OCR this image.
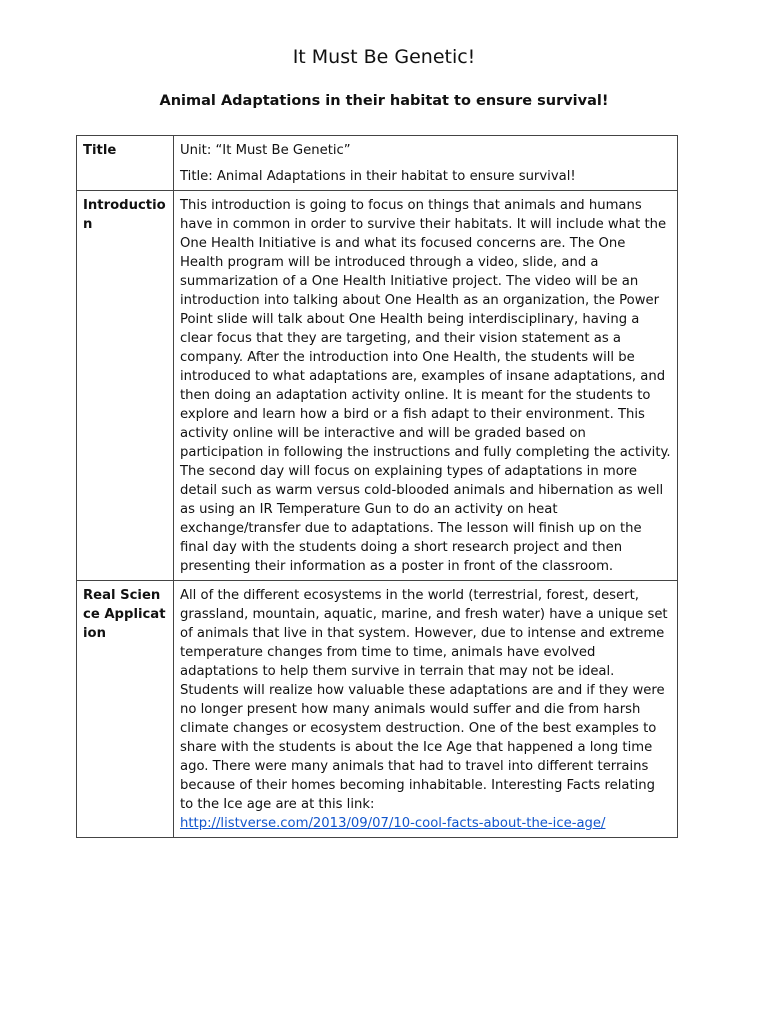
It Must Be Genetic!
Animal Adaptations in their habitat to ensure survival!
Title	Unit: “It Must Be Genetic”

Title: Animal Adaptations in their habitat to ensure survival!

Introduction	This introduction is going to focus on things that animals and humans have in common in order to survive their habitats. It will include what the One Health Initiative is and what its focused concerns are. The One Health program will be introduced through a video, slide, and a summarization of a One Health Initiative project. The video will be an introduction into talking about One Health as an organization, the Power Point slide will talk about One Health being interdisciplinary, having a clear focus that they are targeting, and their vision statement as a company. After the introduction into One Health, the students will be introduced to what adaptations are, examples of insane adaptations, and then doing an adaptation activity online. It is meant for the students to explore and learn how a bird or a fish adapt to their environment. This activity online will be interactive and will be graded based on participation in following the instructions and fully completing the activity. The second day will focus on explaining types of adaptations in more detail such as warm versus cold-blooded animals and hibernation as well as using an IR Temperature Gun to do an activity on heat exchange/transfer due to adaptations. The lesson will finish up on the final day with the students doing a short research project and then presenting their information as a poster in front of the classroom.

Real Science Application	All of the different ecosystems in the world (terrestrial, forest, desert, grassland, mountain, aquatic, marine, and fresh water) have a unique set of animals that live in that system. However, due to intense and extreme temperature changes from time to time, animals have evolved adaptations to help them survive in terrain that may not be ideal. Students will realize how valuable these adaptations are and if they were no longer present how many animals would suffer and die from harsh climate changes or ecosystem destruction. One of the best examples to share with the students is about the Ice Age that happened a long time ago. There were many animals that had to travel into different terrains because of their homes becoming inhabitable. Interesting Facts relating to the Ice age are at this link:

http://listverse.com/2013/09/07/10-cool-facts-about-the-ice-age/
